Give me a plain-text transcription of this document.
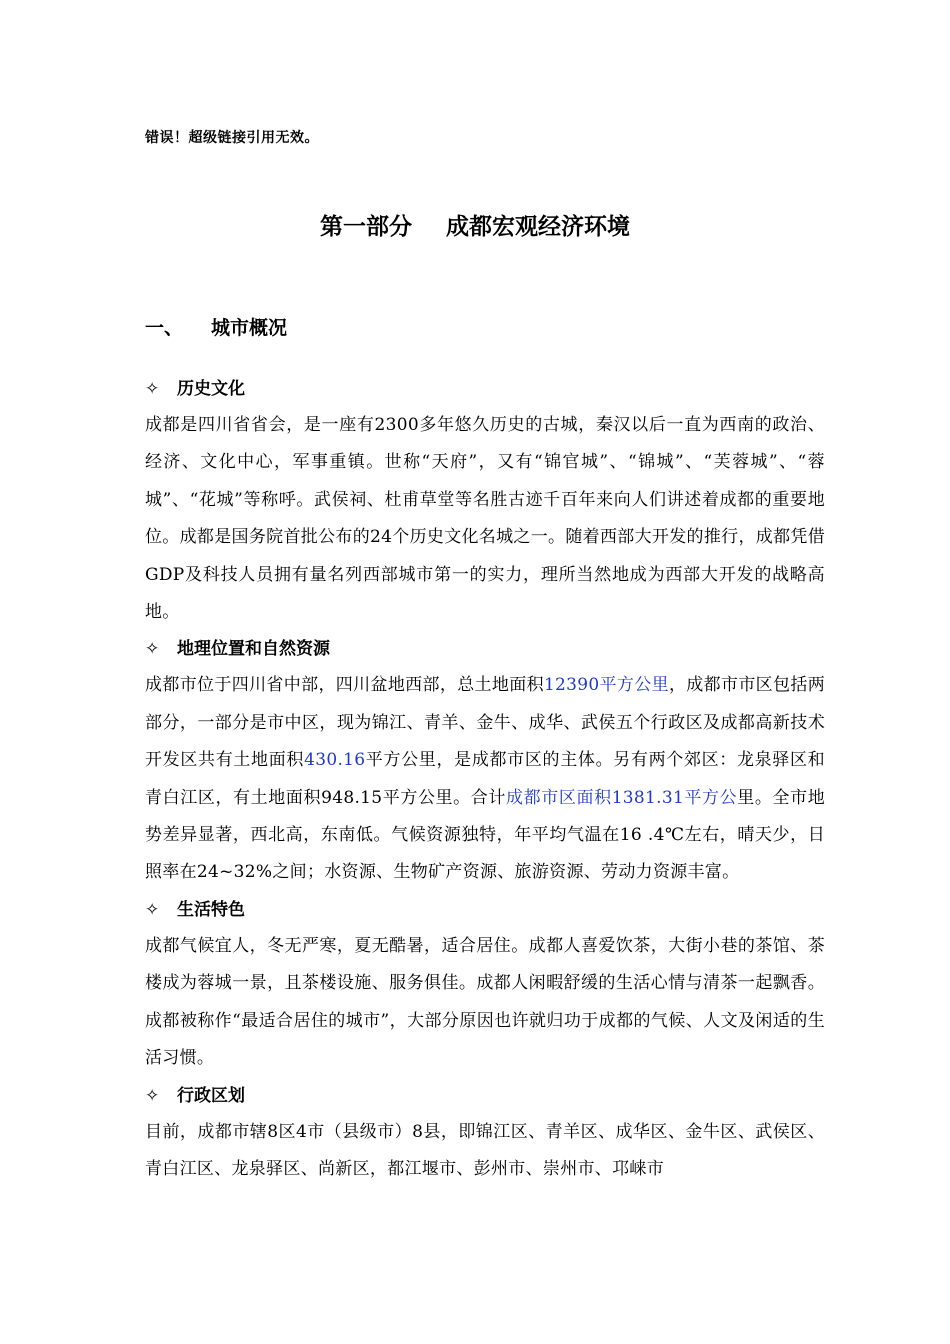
错误！超级链接引用无效。
第一部分 成都宏观经济环境
一、 城市概况
✧ 历史文化

成都是四川省省会，是一座有2300多年悠久历史的古城，秦汉以后一直为西南的政治、经济、文化中心，军事重镇。世称“天府”，又有“锦官城”、“锦城”、“芙蓉城”、“蓉城”、“花城”等称呼。武侯祠、杜甫草堂等名胜古迹千百年来向人们讲述着成都的重要地位。成都是国务院首批公布的24个历史文化名城之一。随着西部大开发的推行，成都凭借GDP及科技人员拥有量名列西部城市第一的实力，理所当然地成为西部大开发的战略高地。

✧ 地理位置和自然资源

成都市位于四川省中部，四川盆地西部，总土地面积12390平方公里，成都市市区包括两部分，一部分是市中区，现为锦江、青羊、金牛、成华、武侯五个行政区及成都高新技术开发区共有土地面积430.16平方公里，是成都市区的主体。另有两个郊区：龙泉驿区和青白江区，有土地面积948.15平方公里。合计成都市区面积1381.31平方公里。全市地势差异显著，西北高，东南低。气候资源独特，年平均气温在16 .4℃左右，晴天少，日照率在24~32%之间；水资源、生物矿产资源、旅游资源、劳动力资源丰富。

✧ 生活特色

成都气候宜人，冬无严寒，夏无酷暑，适合居住。成都人喜爱饮茶，大街小巷的茶馆、茶楼成为蓉城一景，且茶楼设施、服务俱佳。成都人闲暇舒缓的生活心情与清茶一起飘香。成都被称作“最适合居住的城市”，大部分原因也许就归功于成都的气候、人文及闲适的生活习惯。

✧ 行政区划

目前，成都市辖8区4市（县级市）8县，即锦江区、青羊区、成华区、金牛区、武侯区、青白江区、龙泉驿区、尚新区，都江堰市、彭州市、崇州市、邛崃市
